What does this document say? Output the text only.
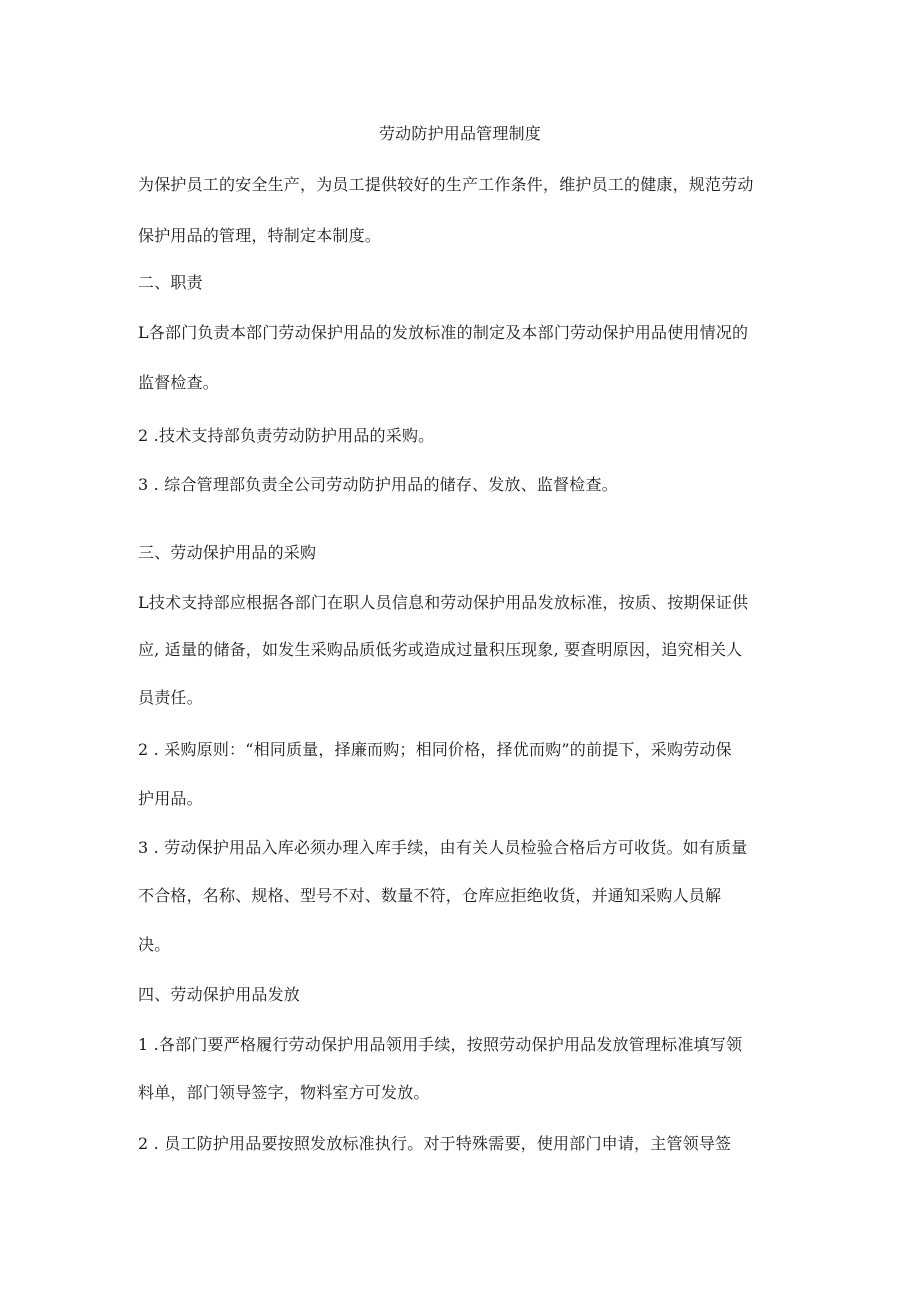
劳动防护用品管理制度
为保护员工的安全生产，为员工提供较好的生产工作条件，维护员工的健康，规范劳动
保护用品的管理，特制定本制度。
二、职责
L各部门负责本部门劳动保护用品的发放标准的制定及本部门劳动保护用品使用情况的
监督检查。
2 .技术支持部负责劳动防护用品的采购。
3 . 综合管理部负责全公司劳动防护用品的储存、发放、监督检查。
三、劳动保护用品的采购
L技术支持部应根据各部门在职人员信息和劳动保护用品发放标准，按质、按期保证供
应, 适量的储备，如发生采购品质低劣或造成过量积压现象, 要查明原因，追究相关人
员责任。
2 . 采购原则：“相同质量，择廉而购；相同价格，择优而购”的前提下，采购劳动保
护用品。
3 . 劳动保护用品入库必须办理入库手续，由有关人员检验合格后方可收货。如有质量
不合格，名称、规格、型号不对、数量不符，仓库应拒绝收货，并通知采购人员解
决。
四、劳动保护用品发放
1 .各部门要严格履行劳动保护用品领用手续，按照劳动保护用品发放管理标准填写领
料单，部门领导签字，物料室方可发放。
2 . 员工防护用品要按照发放标准执行。对于特殊需要，使用部门申请，主管领导签
